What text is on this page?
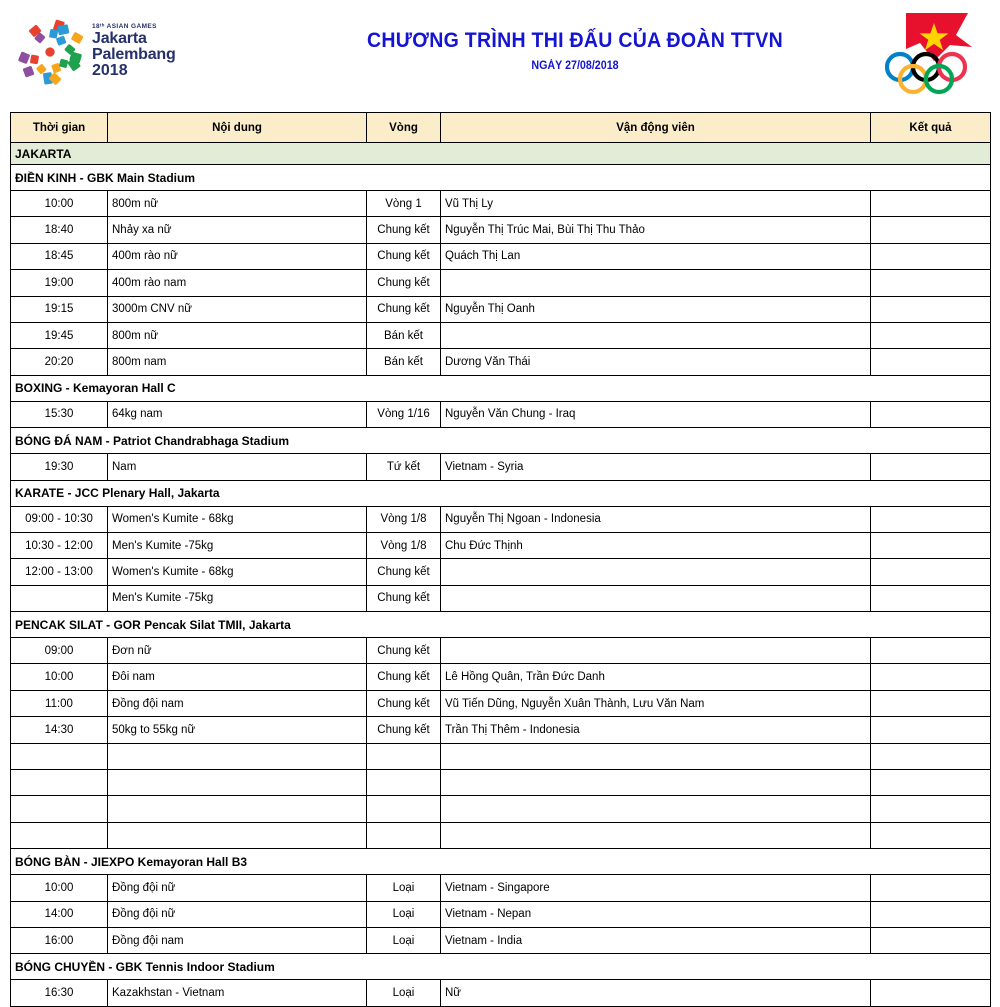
18ᵗʰ ASIAN GAMES
Jakarta
Palembang
2018
CHƯƠNG TRÌNH THI ĐẤU CỦA ĐOÀN TTVN
NGÀY 27/08/2018
Thời gian	Nội dung	Vòng	Vận động viên	Kết quả
JAKARTA				
ĐIỀN KINH - GBK Main Stadium				
10:00	800m nữ	Vòng 1	Vũ Thị Ly	
18:40	Nhảy xa nữ	Chung kết	Nguyễn Thị Trúc Mai, Bùi Thị Thu Thảo	
18:45	400m rào nữ	Chung kết	Quách Thị Lan	
19:00	400m rào nam	Chung kết		
19:15	3000m CNV nữ	Chung kết	Nguyễn Thị Oanh	
19:45	800m nữ	Bán kết		
20:20	800m nam	Bán kết	Dương Văn Thái	
BOXING - Kemayoran Hall C				
15:30	64kg nam	Vòng 1/16	Nguyễn Văn Chung - Iraq	
BÓNG ĐÁ NAM - Patriot Chandrabhaga Stadium				
19:30	Nam	Tứ kết	Vietnam - Syria	
KARATE - JCC Plenary Hall, Jakarta				
09:00 - 10:30	Women's Kumite - 68kg	Vòng 1/8	Nguyễn Thị Ngoan - Indonesia	
10:30 - 12:00	Men's Kumite -75kg	Vòng 1/8	Chu Đức Thịnh	
12:00 - 13:00	Women's Kumite - 68kg	Chung kết		
	Men's Kumite -75kg	Chung kết		
PENCAK SILAT - GOR Pencak Silat TMII, Jakarta				
09:00	Đơn nữ	Chung kết		
10:00	Đôi nam	Chung kết	Lê Hồng Quân, Trần Đức Danh	
11:00	Đồng đội nam	Chung kết	Vũ Tiến Dũng, Nguyễn Xuân Thành, Lưu Văn Nam	
14:30	50kg to 55kg nữ	Chung kết	Trần Thị Thêm - Indonesia	

BÓNG BÀN - JIEXPO Kemayoran Hall B3				
10:00	Đồng đội nữ	Loại	Vietnam - Singapore	
14:00	Đồng đội nữ	Loại	Vietnam - Nepan	
16:00	Đồng đội nam	Loại	Vietnam - India	
BÓNG CHUYỀN - GBK Tennis Indoor Stadium				
16:30	Kazakhstan - Vietnam	Loại	Nữ	
